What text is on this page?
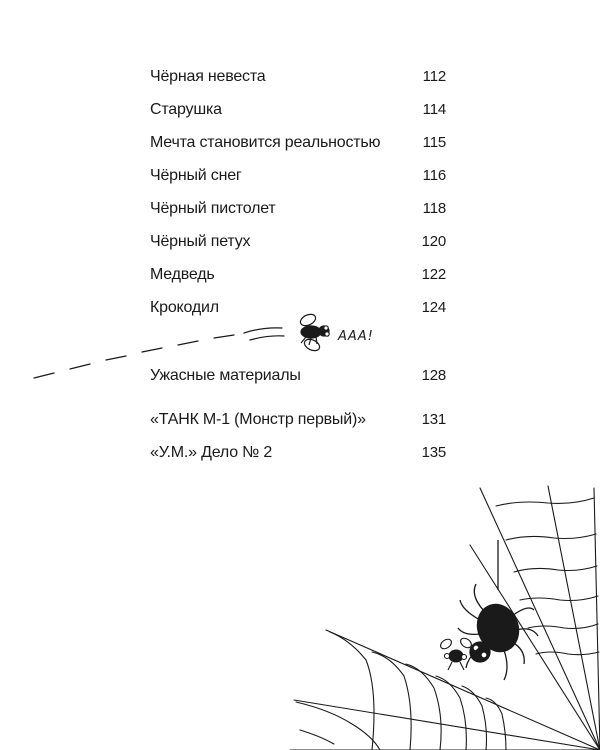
Чёрная невеста	112
Старушка	114
Мечта становится реальностью	115
Чёрный снег	116
Чёрный пистолет	118
Чёрный петух	120
Медведь	122
Крокодил	124
Ужасные материалы	128
«ТАНК М-1 (Монстр первый)»	131
«У.М.» Дело № 2	135
AAA!
